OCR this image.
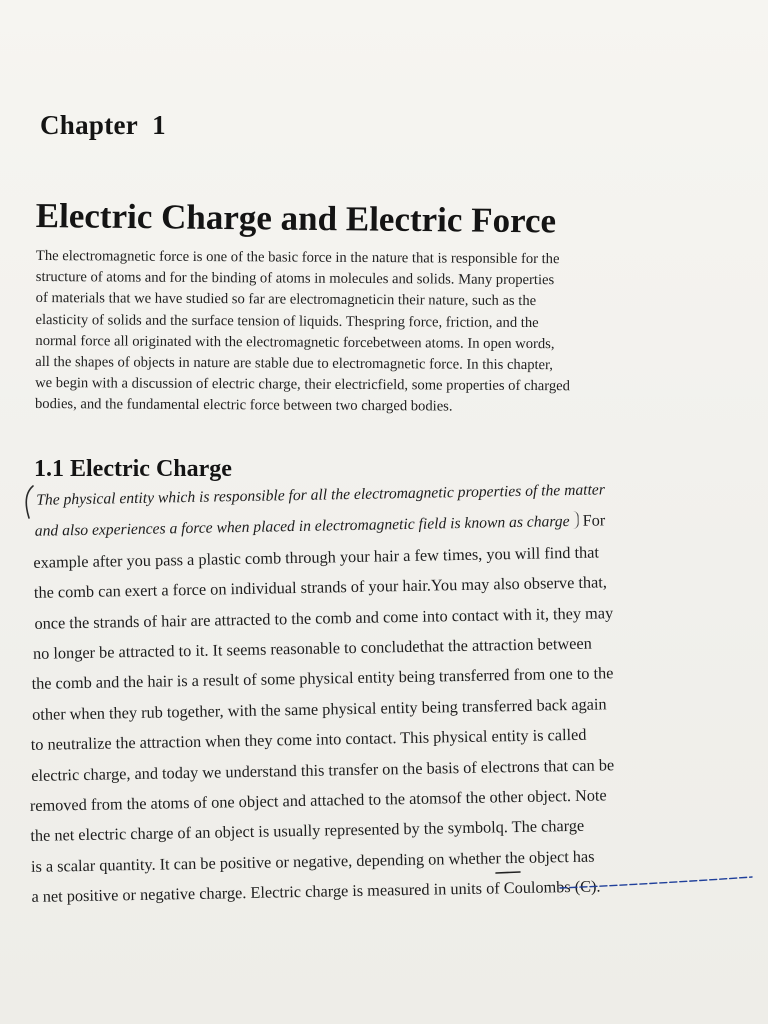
Chapter 1
Electric Charge and Electric Force
The electromagnetic force is one of the basic force in the nature that is responsible for the
structure of atoms and for the binding of atoms in molecules and solids. Many properties
of materials that we have studied so far are electromagneticin their nature, such as the
elasticity of solids and the surface tension of liquids. Thespring force, friction, and the
normal force all originated with the electromagnetic forcebetween atoms. In open words,
all the shapes of objects in nature are stable due to electromagnetic force. In this chapter,
we begin with a discussion of electric charge, their electricfield, some properties of charged
bodies, and the fundamental electric force between two charged bodies.
1.1 Electric Charge
The physical entity which is responsible for all the electromagnetic properties of the matter
and also experiences a force when placed in electromagnetic field is known as charge For
example after you pass a plastic comb through your hair a few times, you will find that
the comb can exert a force on individual strands of your hair.You may also observe that,
once the strands of hair are attracted to the comb and come into contact with it, they may
no longer be attracted to it. It seems reasonable to concludethat the attraction between
the comb and the hair is a result of some physical entity being transferred from one to the
other when they rub together, with the same physical entity being transferred back again
to neutralize the attraction when they come into contact. This physical entity is called
electric charge, and today we understand this transfer on the basis of electrons that can be
removed from the atoms of one object and attached to the atomsof the other object. Note
the net electric charge of an object is usually represented by the symbolq. The charge
is a scalar quantity. It can be positive or negative, depending on whether the object has
a net positive or negative charge. Electric charge is measured in units of Coulombs (C).
